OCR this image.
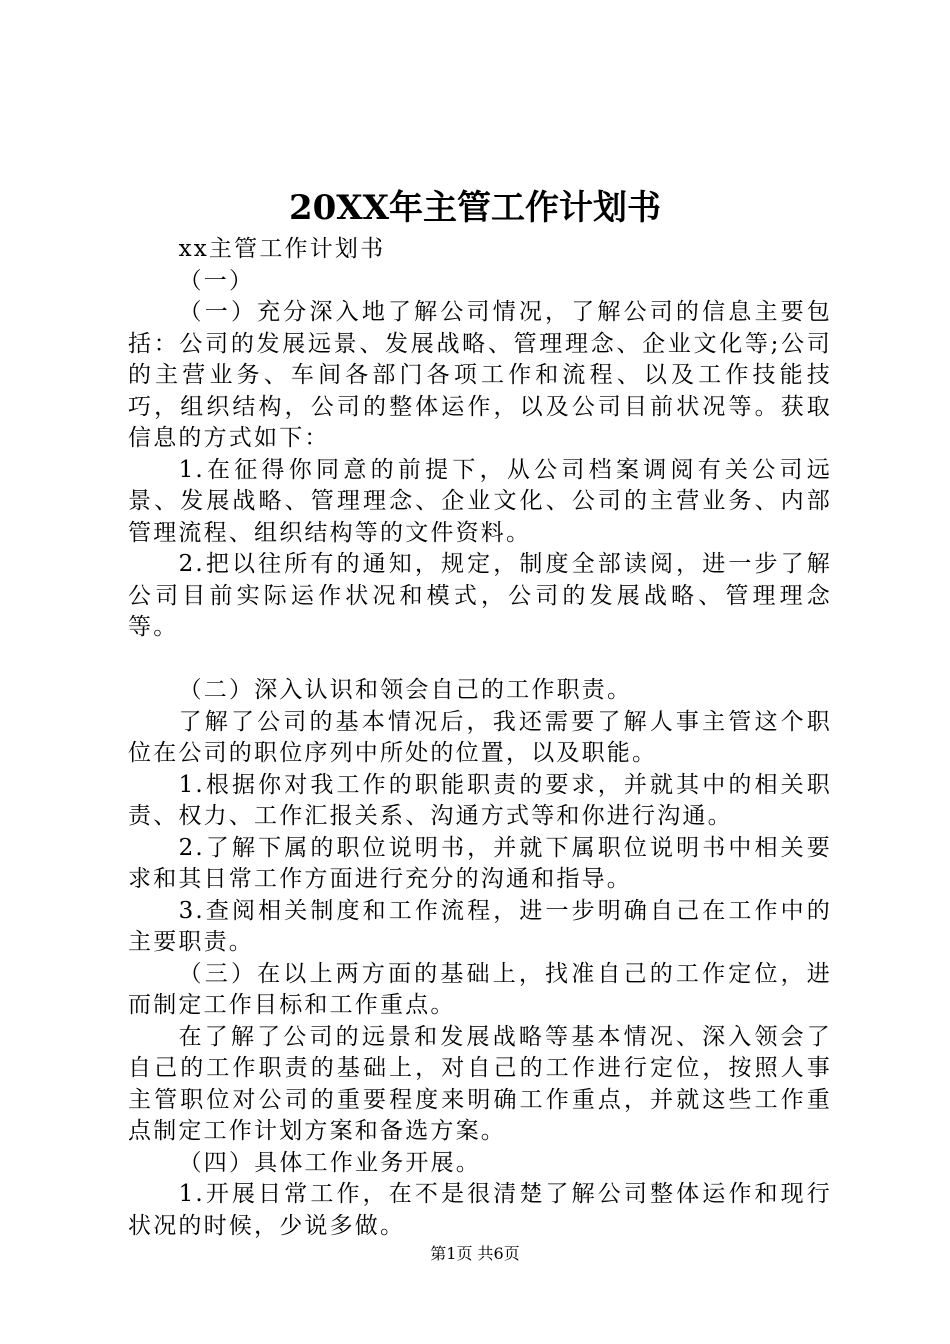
20XX年主管工作计划书

xx主管工作计划书

（一）

（一）充分深入地了解公司情况，了解公司的信息主要包括：公司的发展远景、发展战略、管理理念、企业文化等;公司的主营业务、车间各部门各项工作和流程、以及工作技能技巧，组织结构，公司的整体运作，以及公司目前状况等。获取信息的方式如下：

1.在征得你同意的前提下，从公司档案调阅有关公司远景、发展战略、管理理念、企业文化、公司的主营业务、内部管理流程、组织结构等的文件资料。

2.把以往所有的通知，规定，制度全部读阅，进一步了解公司目前实际运作状况和模式，公司的发展战略、管理理念等。

（二）深入认识和领会自己的工作职责。

了解了公司的基本情况后，我还需要了解人事主管这个职位在公司的职位序列中所处的位置，以及职能。

1.根据你对我工作的职能职责的要求，并就其中的相关职责、权力、工作汇报关系、沟通方式等和你进行沟通。

2.了解下属的职位说明书，并就下属职位说明书中相关要求和其日常工作方面进行充分的沟通和指导。

3.查阅相关制度和工作流程，进一步明确自己在工作中的主要职责。

（三）在以上两方面的基础上，找准自己的工作定位，进而制定工作目标和工作重点。

在了解了公司的远景和发展战略等基本情况、深入领会了自己的工作职责的基础上，对自己的工作进行定位，按照人事主管职位对公司的重要程度来明确工作重点，并就这些工作重点制定工作计划方案和备选方案。

（四）具体工作业务开展。

1.开展日常工作，在不是很清楚了解公司整体运作和现行状况的时候，少说多做。

第1页 共6页
